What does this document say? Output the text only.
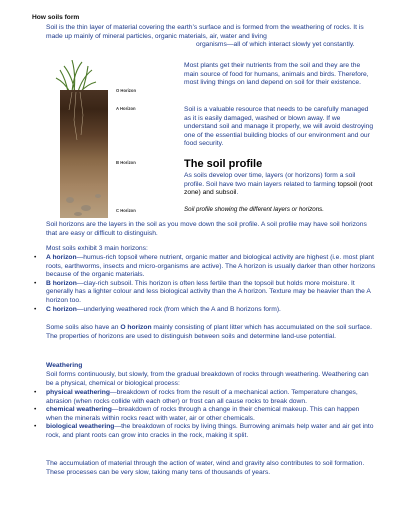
How soils form
Soil is the thin layer of material covering the earth’s surface and is formed from the weathering of rocks. It is made up mainly of mineral particles, organic materials, air, water and living
organisms—all of which interact slowly yet constantly.
O Horizon
A Horizon
B Horizon
C Horizon
Most plants get their nutrients from the soil and they are the main source of food for humans, animals and birds. Therefore, most living things on land depend on soil for their existence.
Soil is a valuable resource that needs to be carefully managed as it is easily damaged, washed or blown away. If we understand soil and manage it properly, we will avoid destroying one of the essential building blocks of our environment and our food security.
The soil profile
As soils develop over time, layers (or horizons) form a soil profile. Soil have two main layers related to farming topsoil (root zone) and subsoil.
Soil profile showing the different layers or horizons.
Soil horizons are the layers in the soil as you move down the soil profile. A soil profile may have soil horizons that are easy or difficult to distinguish.
Most soils exhibit 3 main horizons:
• A horizon—humus-rich topsoil where nutrient, organic matter and biological activity are highest (i.e. most plant roots, earthworms, insects and micro-organisms are active). The A horizon is usually darker than other horizons because of the organic materials.
• B horizon—clay-rich subsoil. This horizon is often less fertile than the topsoil but holds more moisture. It generally has a lighter colour and less biological activity than the A horizon. Texture may be heavier than the A horizon too.
• C horizon—underlying weathered rock (from which the A and B horizons form).
Some soils also have an O horizon mainly consisting of plant litter which has accumulated on the soil surface. The properties of horizons are used to distinguish between soils and determine land-use potential.
Weathering
Soil forms continuously, but slowly, from the gradual breakdown of rocks through weathering. Weathering can be a physical, chemical or biological process:
• physical weathering—breakdown of rocks from the result of a mechanical action. Temperature changes, abrasion (when rocks collide with each other) or frost can all cause rocks to break down.
• chemical weathering—breakdown of rocks through a change in their chemical makeup. This can happen when the minerals within rocks react with water, air or other chemicals.
• biological weathering—the breakdown of rocks by living things. Burrowing animals help water and air get into rock, and plant roots can grow into cracks in the rock, making it split.
The accumulation of material through the action of water, wind and gravity also contributes to soil formation. These processes can be very slow, taking many tens of thousands of years.
